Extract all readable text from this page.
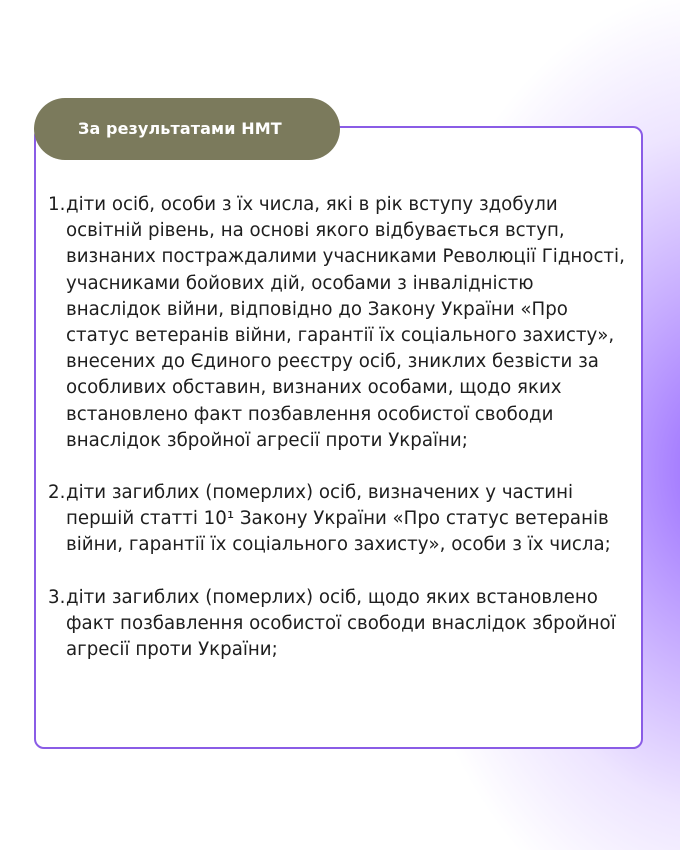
За результатами НМТ
1. діти осіб, особи з їх числа, які в рік вступу здобули освітній рівень, на основі якого відбувається вступ, визнаних постраждалими учасниками Революції Гідності, учасниками бойових дій, особами з інвалідністю внаслідок війни, відповідно до Закону України «Про статус ветеранів війни, гарантії їх соціального захисту», внесених до Єдиного реєстру осіб, зниклих безвісти за особливих обставин, визнаних особами, щодо яких встановлено факт позбавлення особистої свободи внаслідок збройної агресії проти України;
2. діти загиблих (померлих) осіб, визначених у частині першій статті 10¹ Закону України «Про статус ветеранів війни, гарантії їх соціального захисту», особи з їх числа;
3. діти загиблих (померлих) осіб, щодо яких встановлено факт позбавлення особистої свободи внаслідок збройної агресії проти України;
